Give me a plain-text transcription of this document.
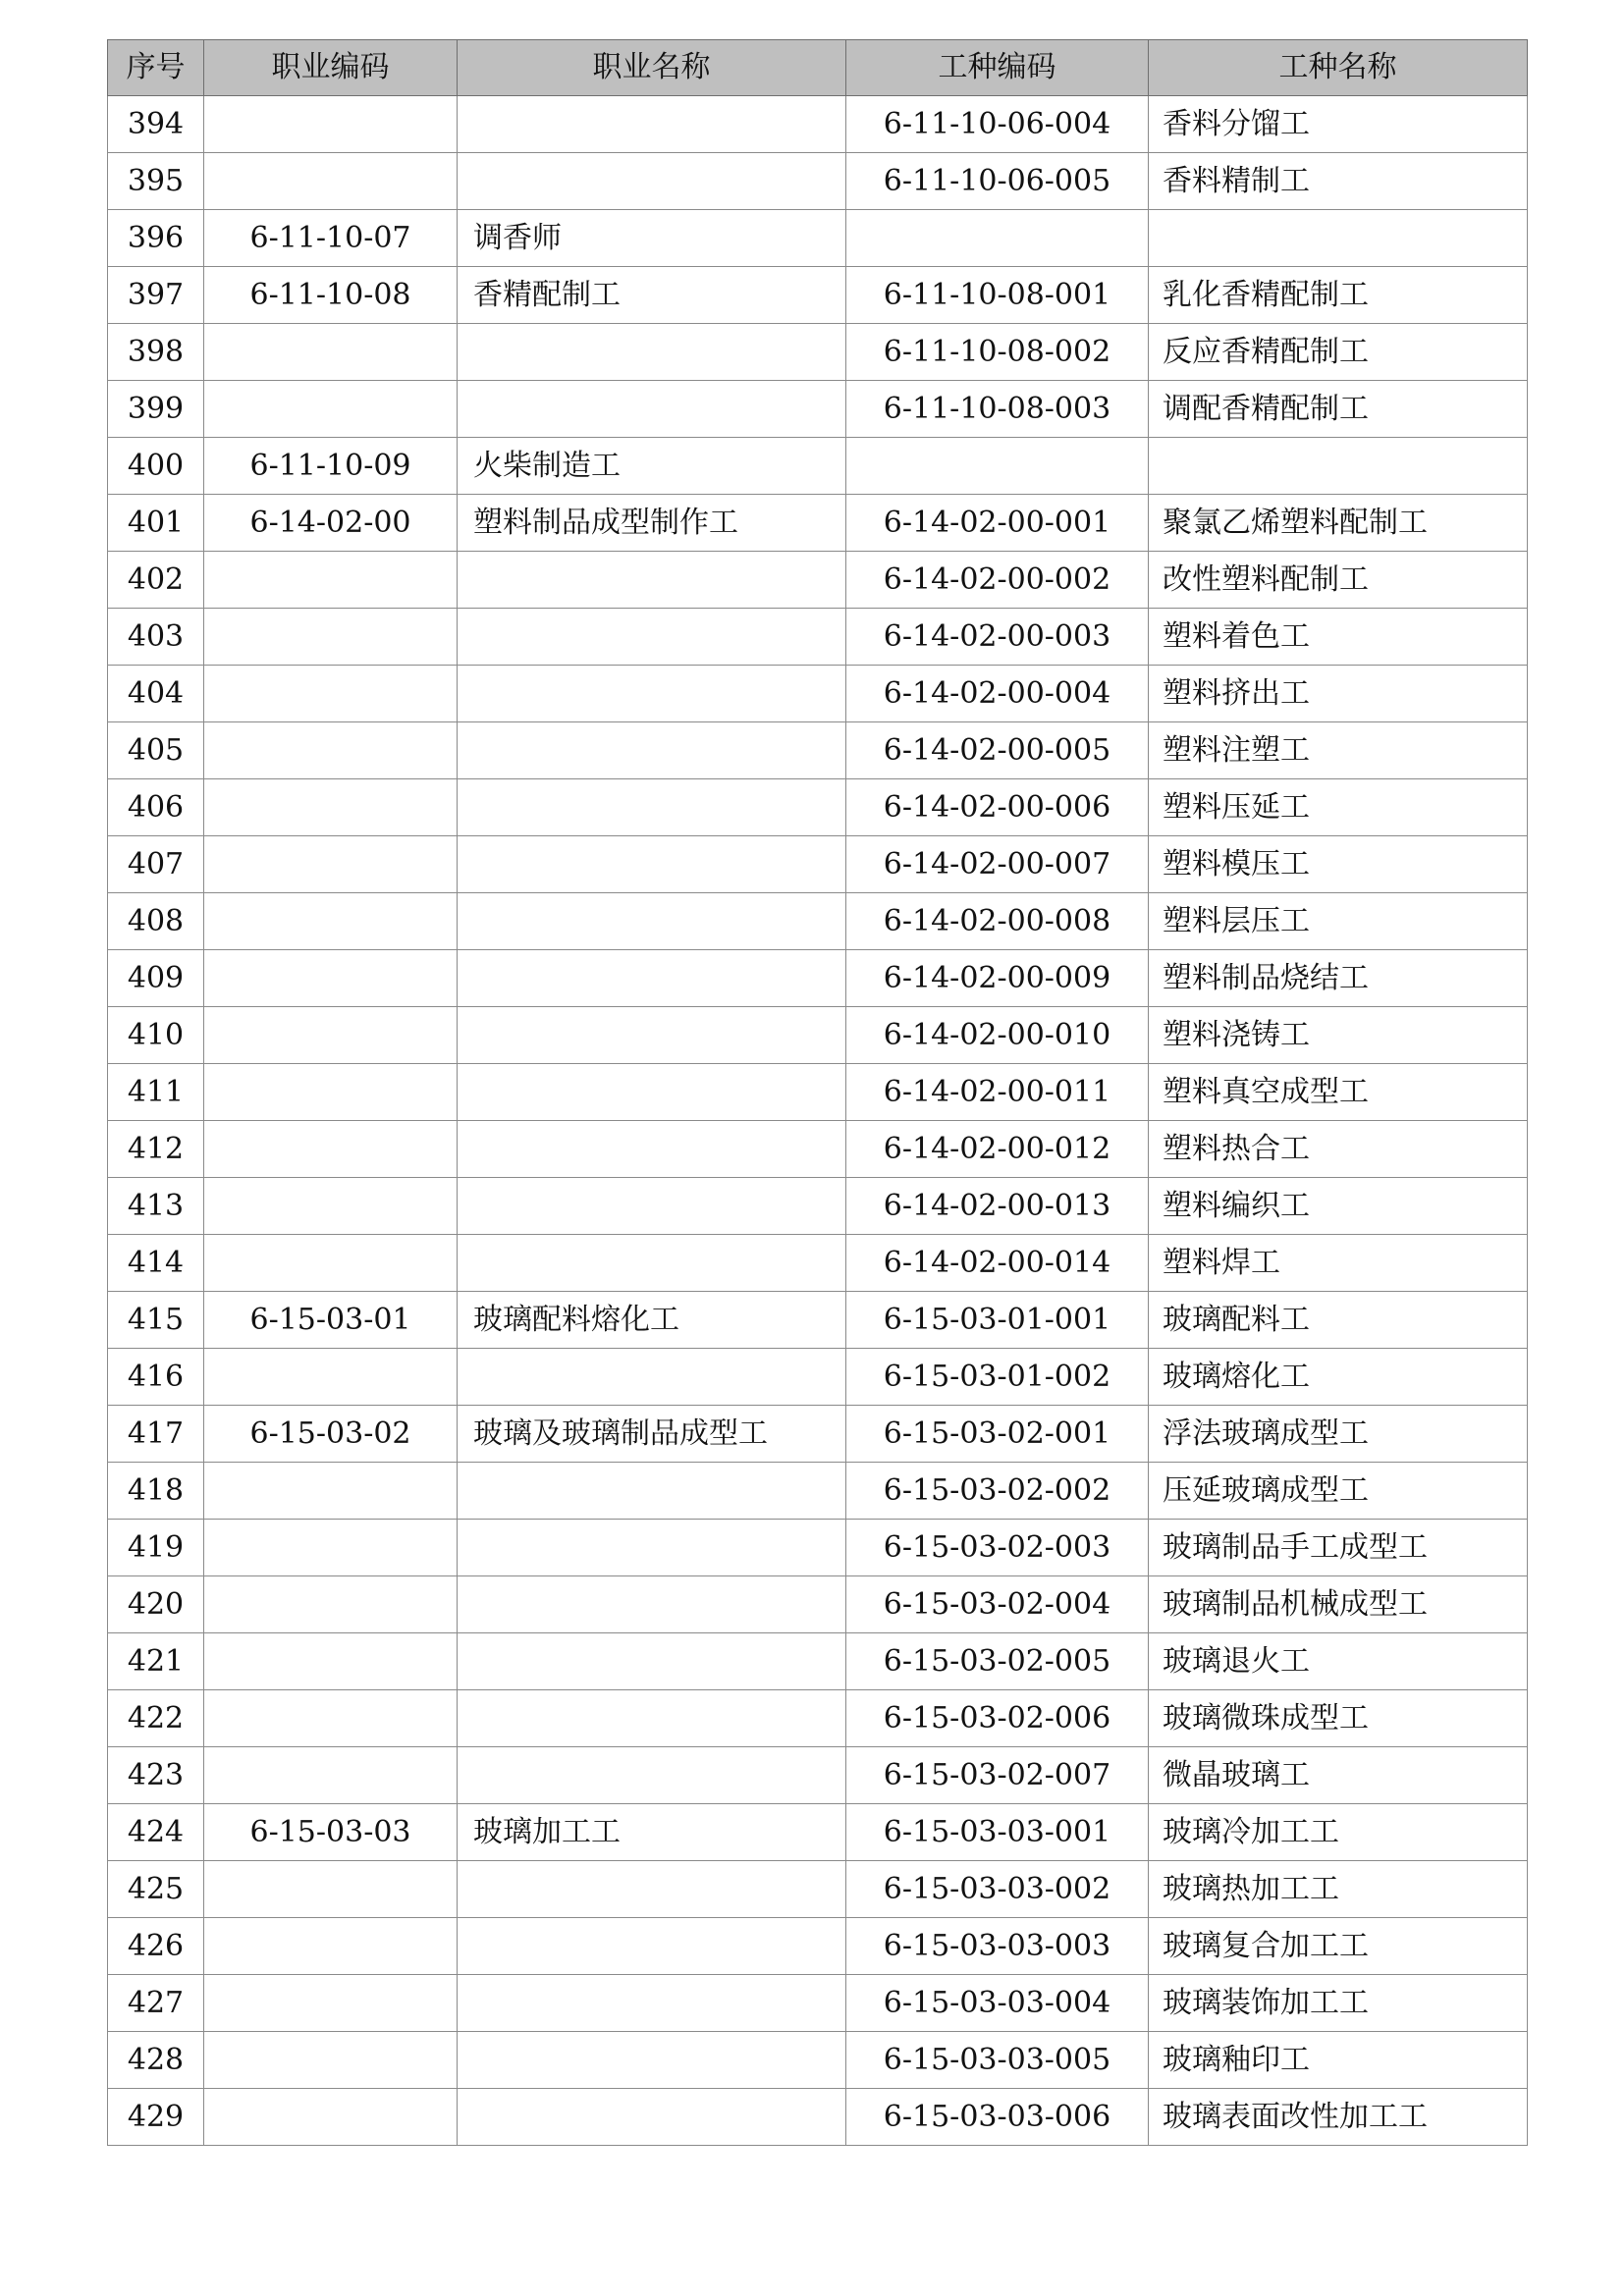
序号	职业编码	职业名称	工种编码	工种名称
394			6-11-10-06-004	香料分馏工
395			6-11-10-06-005	香料精制工
396	6-11-10-07	调香师		
397	6-11-10-08	香精配制工	6-11-10-08-001	乳化香精配制工
398			6-11-10-08-002	反应香精配制工
399			6-11-10-08-003	调配香精配制工
400	6-11-10-09	火柴制造工		
401	6-14-02-00	塑料制品成型制作工	6-14-02-00-001	聚氯乙烯塑料配制工
402			6-14-02-00-002	改性塑料配制工
403			6-14-02-00-003	塑料着色工
404			6-14-02-00-004	塑料挤出工
405			6-14-02-00-005	塑料注塑工
406			6-14-02-00-006	塑料压延工
407			6-14-02-00-007	塑料模压工
408			6-14-02-00-008	塑料层压工
409			6-14-02-00-009	塑料制品烧结工
410			6-14-02-00-010	塑料浇铸工
411			6-14-02-00-011	塑料真空成型工
412			6-14-02-00-012	塑料热合工
413			6-14-02-00-013	塑料编织工
414			6-14-02-00-014	塑料焊工
415	6-15-03-01	玻璃配料熔化工	6-15-03-01-001	玻璃配料工
416			6-15-03-01-002	玻璃熔化工
417	6-15-03-02	玻璃及玻璃制品成型工	6-15-03-02-001	浮法玻璃成型工
418			6-15-03-02-002	压延玻璃成型工
419			6-15-03-02-003	玻璃制品手工成型工
420			6-15-03-02-004	玻璃制品机械成型工
421			6-15-03-02-005	玻璃退火工
422			6-15-03-02-006	玻璃微珠成型工
423			6-15-03-02-007	微晶玻璃工
424	6-15-03-03	玻璃加工工	6-15-03-03-001	玻璃冷加工工
425			6-15-03-03-002	玻璃热加工工
426			6-15-03-03-003	玻璃复合加工工
427			6-15-03-03-004	玻璃装饰加工工
428			6-15-03-03-005	玻璃釉印工
429			6-15-03-03-006	玻璃表面改性加工工
